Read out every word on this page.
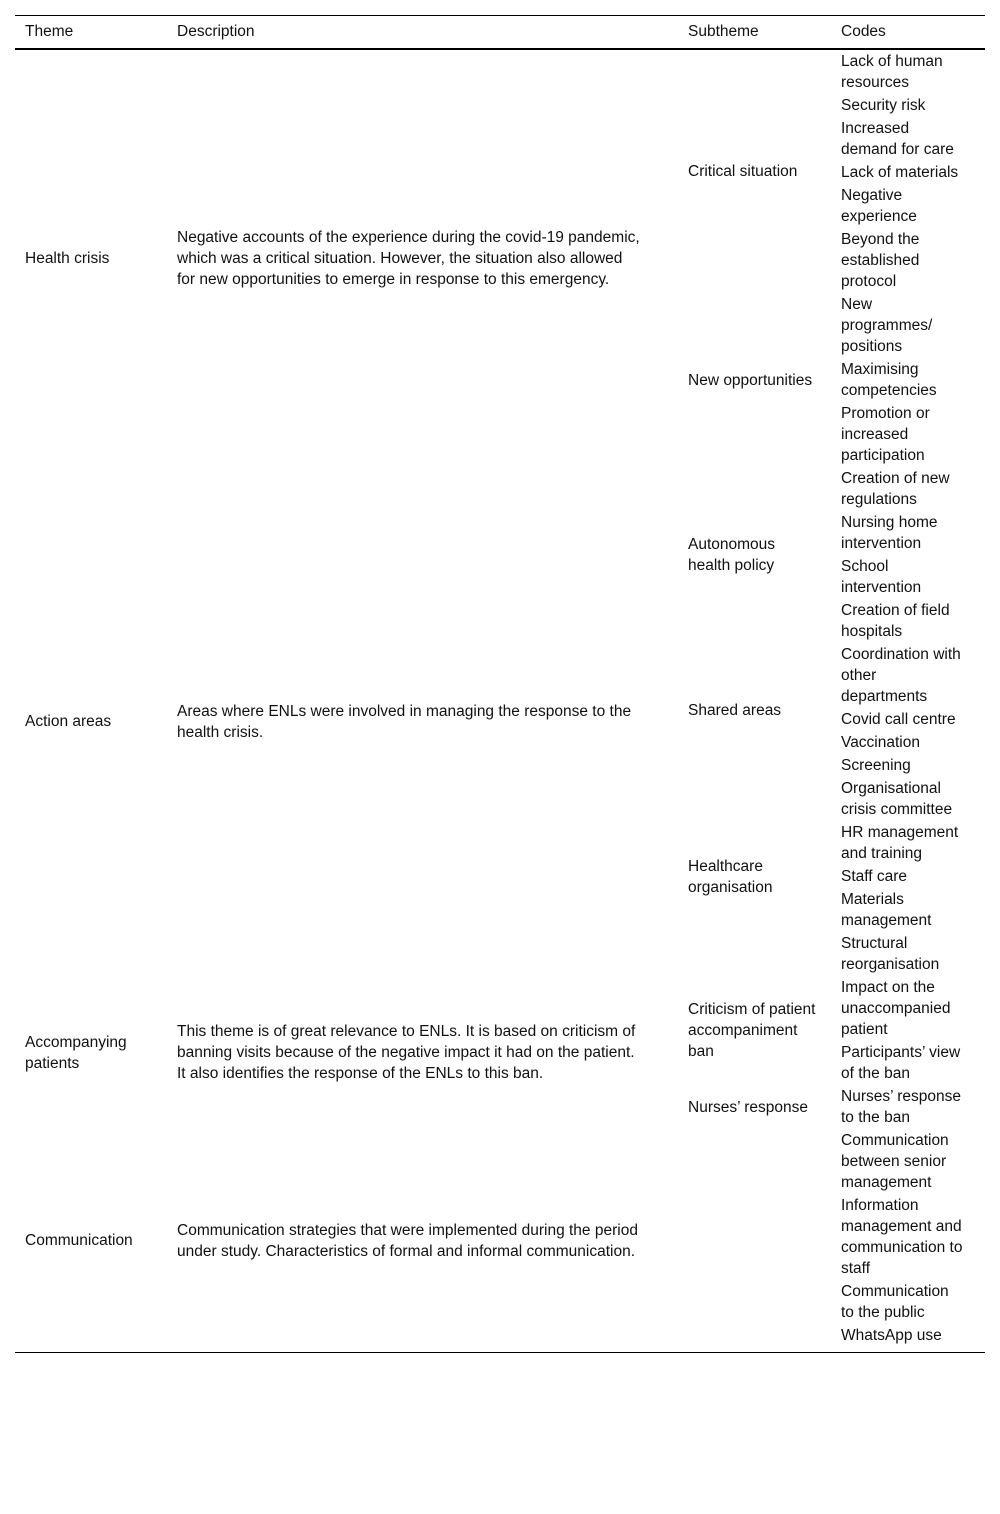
Theme	Description	Subtheme	Codes
Health crisis	Negative accounts of the experience during the covid-19 pandemic, which was a critical situation. However, the situation also allowed for new opportunities to emerge in response to this emergency.	Critical situation	Lack of human resources
			Security risk
			Increased demand for care
			Lack of materials
			Negative experience
			Beyond the established protocol
		New opportunities	New programmes/ positions
			Maximising competencies
			Promotion or increased participation
Action areas	Areas where ENLs were involved in managing the response to the health crisis.	Autonomous health policy	Creation of new regulations
			Nursing home intervention
			School intervention
			Creation of field hospitals
		Shared areas	Coordination with other departments
			Covid call centre
			Vaccination
			Screening
		Healthcare organisation	Organisational crisis committee
			HR management and training
			Staff care
			Materials management
			Structural reorganisation
Accompanying patients	This theme is of great relevance to ENLs. It is based on criticism of banning visits because of the negative impact it had on the patient. It also identifies the response of the ENLs to this ban.	Criticism of patient accompaniment ban	Impact on the unaccompanied patient
			Participants’ view of the ban
		Nurses’ response	Nurses’ response to the ban
Communication	Communication strategies that were implemented during the period under study. Characteristics of formal and informal communication.		Communication between senior management
			Information management and communication to staff
			Communication to the public
			WhatsApp use
